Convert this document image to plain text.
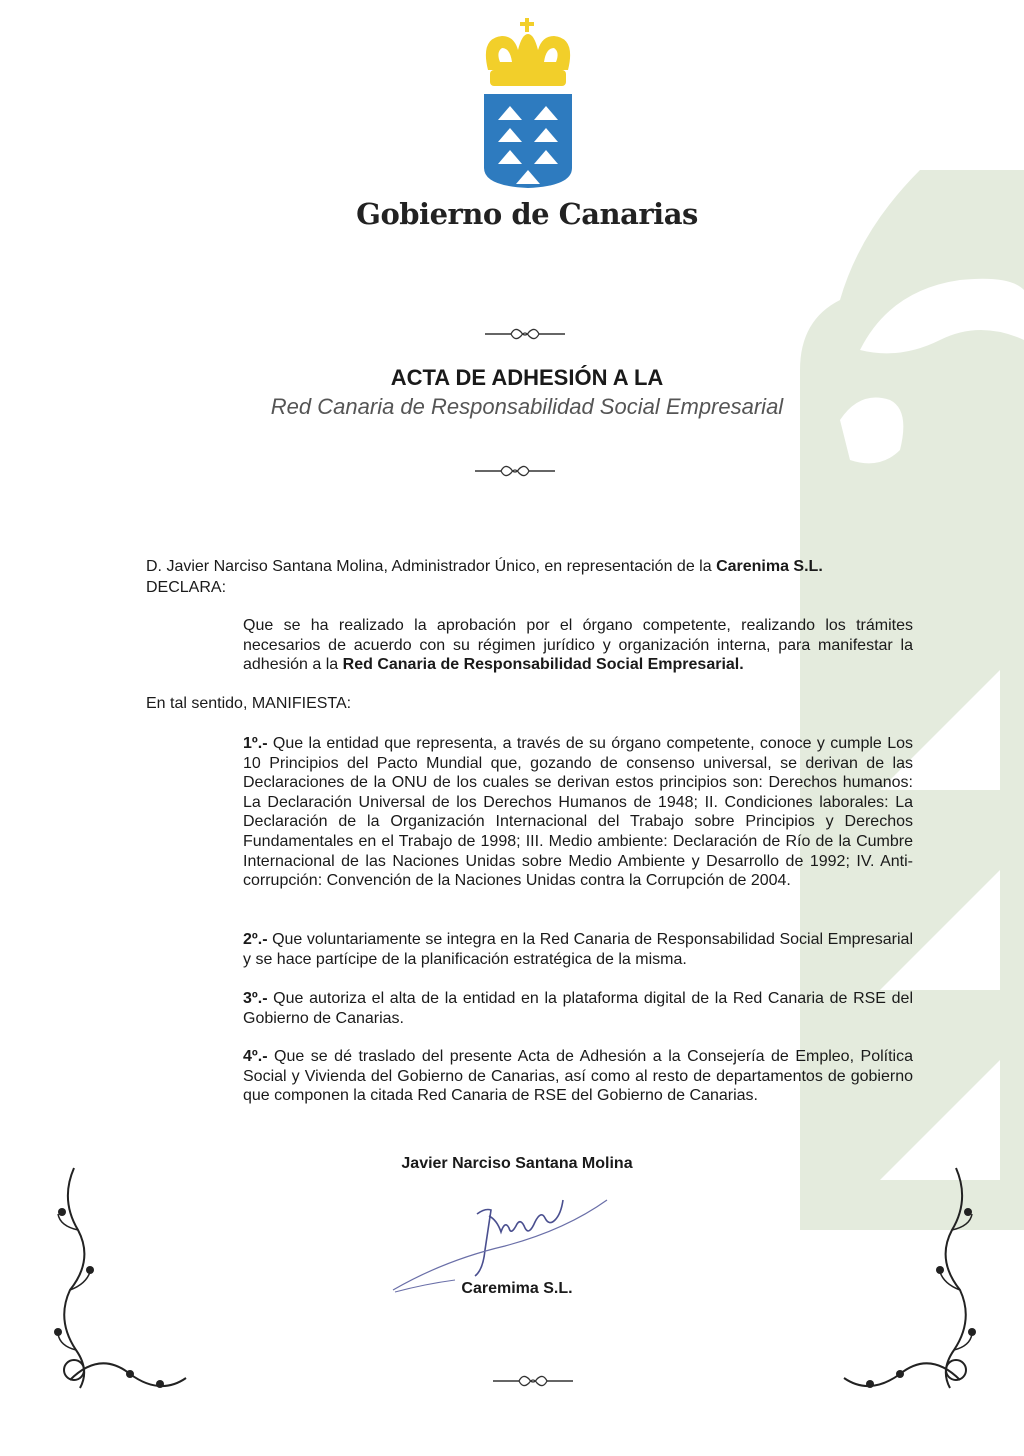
Gobierno de Canarias
ACTA DE ADHESIÓN A LA
Red Canaria de Responsabilidad Social Empresarial
D. Javier Narciso Santana Molina, Administrador Único, en representación de la Carenima S.L.
DECLARA:
Que se ha realizado la aprobación por el órgano competente, realizando los trámites necesarios de acuerdo con su régimen jurídico y organización interna, para manifestar la adhesión a la Red Canaria de Responsabilidad Social Empresarial.
En tal sentido, MANIFIESTA:
1º.- Que la entidad que representa, a través de su órgano competente, conoce y cumple Los 10 Principios del Pacto Mundial que, gozando de consenso universal, se derivan de las Declaraciones de la ONU de los cuales se derivan estos principios son: Derechos humanos: La Declaración Universal de los Derechos Humanos de 1948; II. Condiciones laborales: La Declaración de la Organización Internacional del Trabajo sobre Principios y Derechos Fundamentales en el Trabajo de 1998; III. Medio ambiente: Declaración de Río de la Cumbre Internacional de las Naciones Unidas sobre Medio Ambiente y Desarrollo de 1992; IV. Anti-corrupción: Convención de la Naciones Unidas contra la Corrupción de 2004.
2º.- Que voluntariamente se integra en la Red Canaria de Responsabilidad Social Empresarial y se hace partícipe de la planificación estratégica de la misma.
3º.- Que autoriza el alta de la entidad en la plataforma digital de la Red Canaria de RSE del Gobierno de Canarias.
4º.- Que se dé traslado del presente Acta de Adhesión a la Consejería de Empleo, Política Social y Vivienda del Gobierno de Canarias, así como al resto de departamentos de gobierno que componen la citada Red Canaria de RSE del Gobierno de Canarias.
Javier Narciso Santana Molina
Caremima S.L.
